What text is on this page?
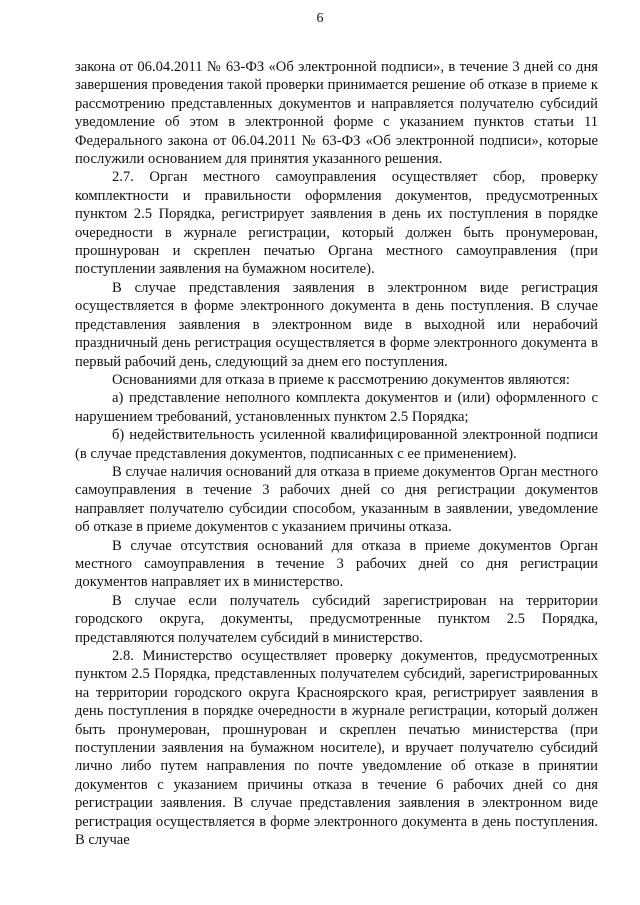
6

закона от 06.04.2011 № 63-ФЗ «Об электронной подписи», в течение 3 дней со дня завершения проведения такой проверки принимается решение об отказе в приеме к рассмотрению представленных документов и направляется получателю субсидий уведомление об этом в электронной форме с указанием пунктов статьи 11 Федерального закона от 06.04.2011 № 63-ФЗ «Об электронной подписи», которые послужили основанием для принятия указанного решения.

2.7. Орган местного самоуправления осуществляет сбор, проверку комплектности и правильности оформления документов, предусмотренных пунктом 2.5 Порядка, регистрирует заявления в день их поступления в порядке очередности в журнале регистрации, который должен быть пронумерован, прошнурован и скреплен печатью Органа местного самоуправления (при поступлении заявления на бумажном носителе).

В случае представления заявления в электронном виде регистрация осуществляется в форме электронного документа в день поступления. В случае представления заявления в электронном виде в выходной или нерабочий праздничный день регистрация осуществляется в форме электронного документа в первый рабочий день, следующий за днем его поступления.

Основаниями для отказа в приеме к рассмотрению документов являются:

а) представление неполного комплекта документов и (или) оформленного с нарушением требований, установленных пунктом 2.5 Порядка;

б) недействительность усиленной квалифицированной электронной подписи (в случае представления документов, подписанных с ее применением).

В случае наличия оснований для отказа в приеме документов Орган местного самоуправления в течение 3 рабочих дней со дня регистрации документов направляет получателю субсидии способом, указанным в заявлении, уведомление об отказе в приеме документов с указанием причины отказа.

В случае отсутствия оснований для отказа в приеме документов Орган местного самоуправления в течение 3 рабочих дней со дня регистрации документов направляет их в министерство.

В случае если получатель субсидий зарегистрирован на территории городского округа, документы, предусмотренные пунктом 2.5 Порядка, представляются получателем субсидий в министерство.

2.8. Министерство осуществляет проверку документов, предусмотренных пунктом 2.5 Порядка, представленных получателем субсидий, зарегистрированных на территории городского округа Красноярского края, регистрирует заявления в день поступления в порядке очередности в журнале регистрации, который должен быть пронумерован, прошнурован и скреплен печатью министерства (при поступлении заявления на бумажном носителе), и вручает получателю субсидий лично либо путем направления по почте уведомление об отказе в принятии документов с указанием причины отказа в течение 6 рабочих дней со дня регистрации заявления. В случае представления заявления в электронном виде регистрация осуществляется в форме электронного документа в день поступления. В случае
